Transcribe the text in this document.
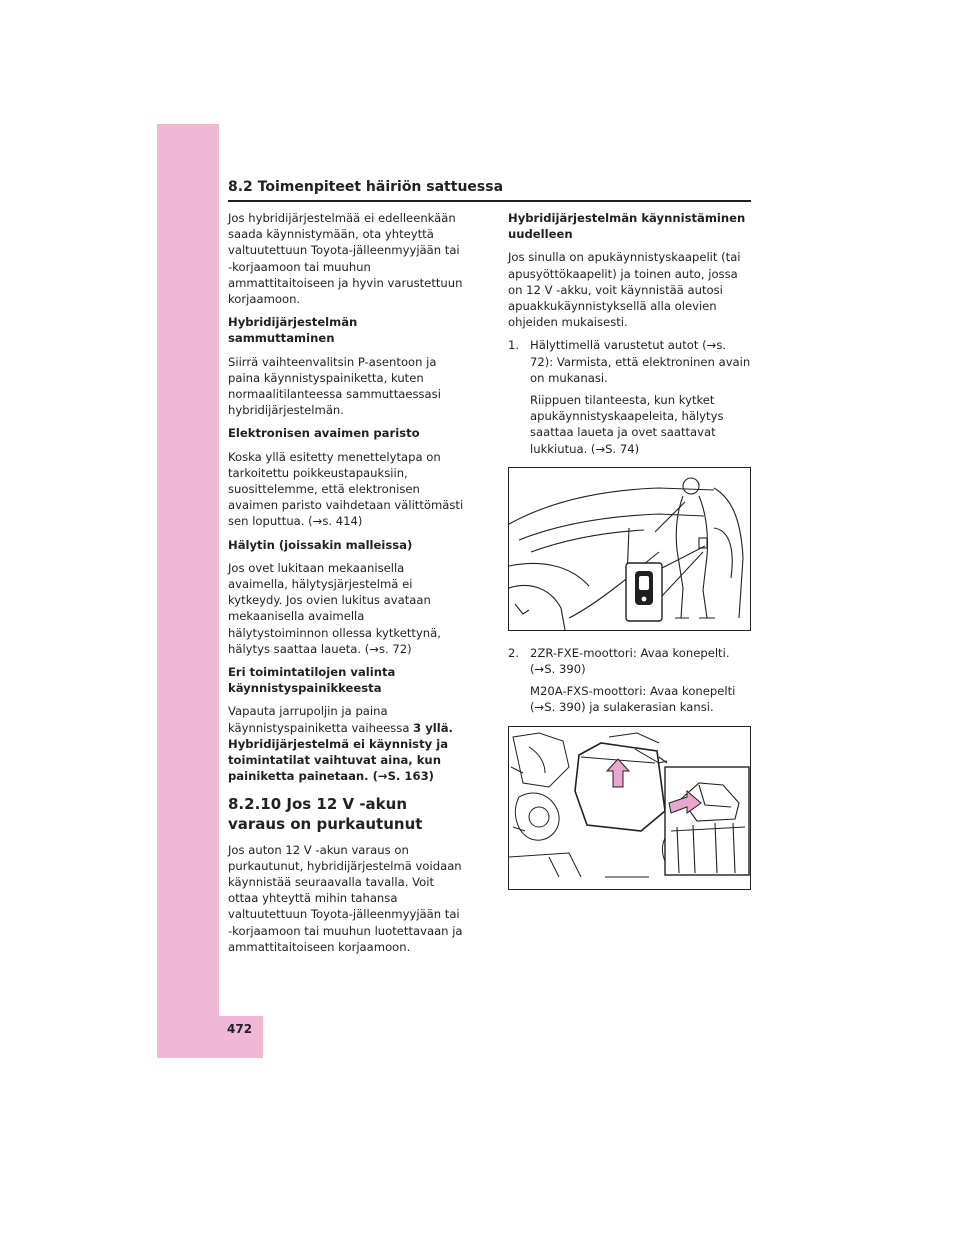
472
8.2 Toimenpiteet häiriön sattuessa

Jos hybridijärjestelmää ei edelleenkään saada käynnistymään, ota yhteyttä valtuutettuun Toyota-jälleenmyyjään tai -korjaamoon tai muuhun ammattitaitoiseen ja hyvin varustettuun korjaamoon.

Hybridijärjestelmän sammuttaminen

Siirrä vaihteenvalitsin P-asentoon ja paina käynnistyspainiketta, kuten normaalitilanteessa sammuttaessasi hybridijärjestelmän.

Elektronisen avaimen paristo

Koska yllä esitetty menettelytapa on tarkoitettu poikkeustapauksiin, suosittelemme, että elektronisen avaimen paristo vaihdetaan välittömästi sen loputtua. (→s. 414)

Hälytin (joissakin malleissa)

Jos ovet lukitaan mekaanisella avaimella, hälytysjärjestelmä ei kytkeydy. Jos ovien lukitus avataan mekaanisella avaimella hälytystoiminnon ollessa kytkettynä, hälytys saattaa laueta. (→s. 72)

Eri toimintatilojen valinta käynnistyspainikkeesta

Vapauta jarrupoljin ja paina käynnistyspainiketta vaiheessa 3 yllä. Hybridijärjestelmä ei käynnisty ja toimintatilat vaihtuvat aina, kun painiketta painetaan. (→S. 163)

8.2.10 Jos 12 V -akun varaus on purkautunut

Jos auton 12 V -akun varaus on purkautunut, hybridijärjestelmä voidaan käynnistää seuraavalla tavalla. Voit ottaa yhteyttä mihin tahansa valtuutettuun Toyota-jälleenmyyjään tai -korjaamoon tai muuhun luotettavaan ja ammattitaitoiseen korjaamoon.

Hybridijärjestelmän käynnistäminen uudelleen

Jos sinulla on apukäynnistyskaapelit (tai apusyöttökaapelit) ja toinen auto, jossa on 12 V -akku, voit käynnistää autosi apuakkukäynnistyksellä alla olevien ohjeiden mukaisesti.

1. Hälyttimellä varustetut autot (→s. 72): Varmista, että elektroninen avain on mukanasi.

Riippuen tilanteesta, kun kytket apukäynnistyskaapeleita, hälytys saattaa laueta ja ovet saattavat lukkiutua. (→S. 74)

2. 2ZR-FXE-moottori: Avaa konepelti. (→S. 390)

M20A-FXS-moottori: Avaa konepelti (→S. 390) ja sulakerasian kansi.
